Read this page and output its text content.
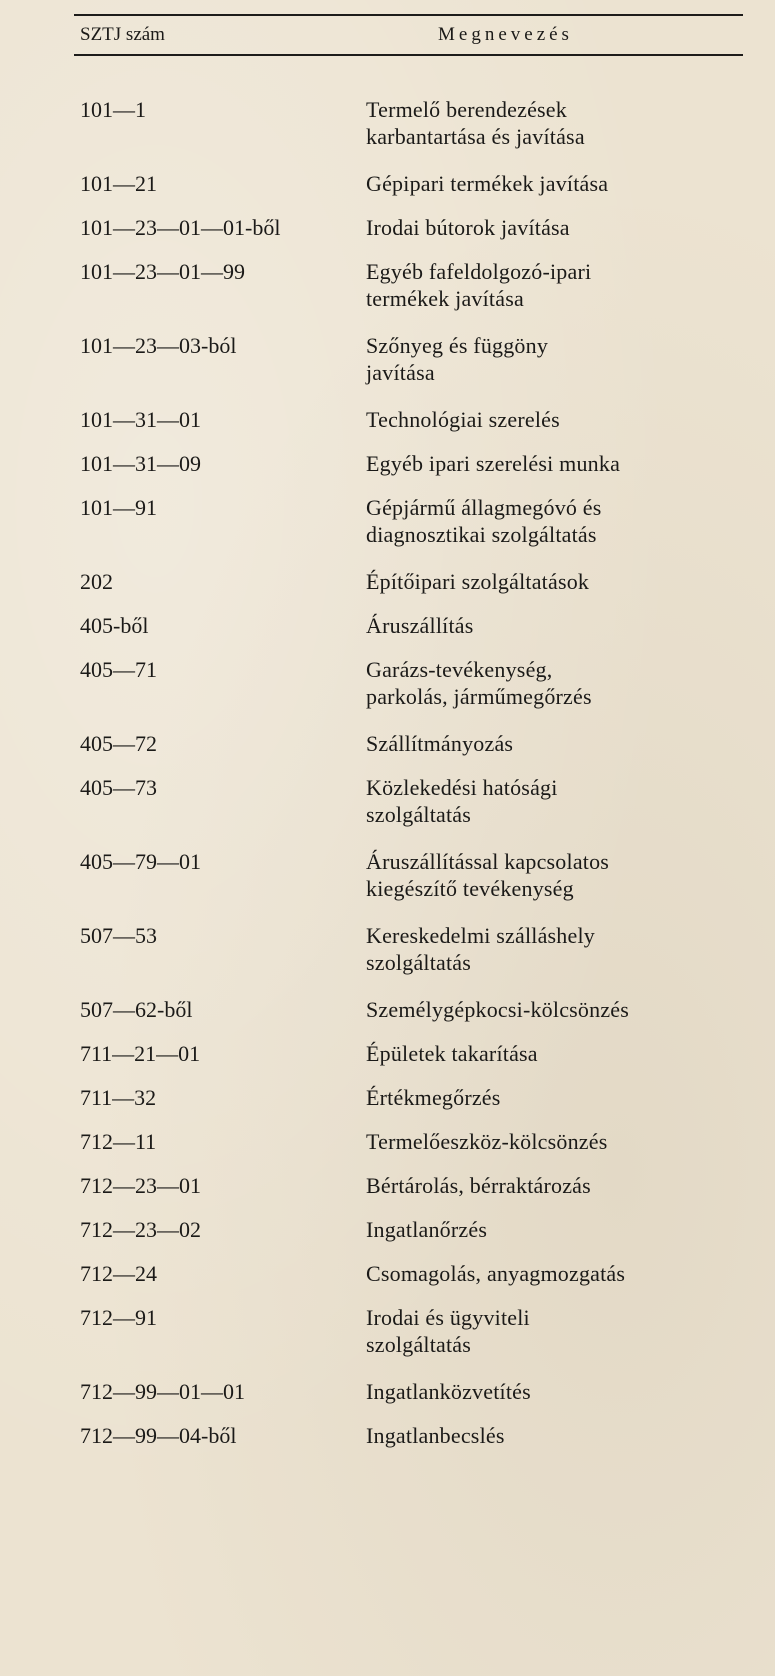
SZTJ szám	Megnevezés
101—1	Termelő berendezések
karbantartása és javítása
101—21	Gépipari termékek javítása
101—23—01—01-ből	Irodai bútorok javítása
101—23—01—99	Egyéb fafeldolgozó-ipari
termékek javítása
101—23—03-ból	Szőnyeg és függöny
javítása
101—31—01	Technológiai szerelés
101—31—09	Egyéb ipari szerelési munka
101—91	Gépjármű állagmegóvó és
diagnosztikai szolgáltatás
202	Építőipari szolgáltatások
405-ből	Áruszállítás
405—71	Garázs-tevékenység,
parkolás, járműmegőrzés
405—72	Szállítmányozás
405—73	Közlekedési hatósági
szolgáltatás
405—79—01	Áruszállítással kapcsolatos
kiegészítő tevékenység
507—53	Kereskedelmi szálláshely
szolgáltatás
507—62-ből	Személygépkocsi-kölcsönzés
711—21—01	Épületek takarítása
711—32	Értékmegőrzés
712—11	Termelőeszköz-kölcsönzés
712—23—01	Bértárolás, bérraktározás
712—23—02	Ingatlanőrzés
712—24	Csomagolás, anyagmozgatás
712—91	Irodai és ügyviteli
szolgáltatás
712—99—01—01	Ingatlanközvetítés
712—99—04-ből	Ingatlanbecslés
